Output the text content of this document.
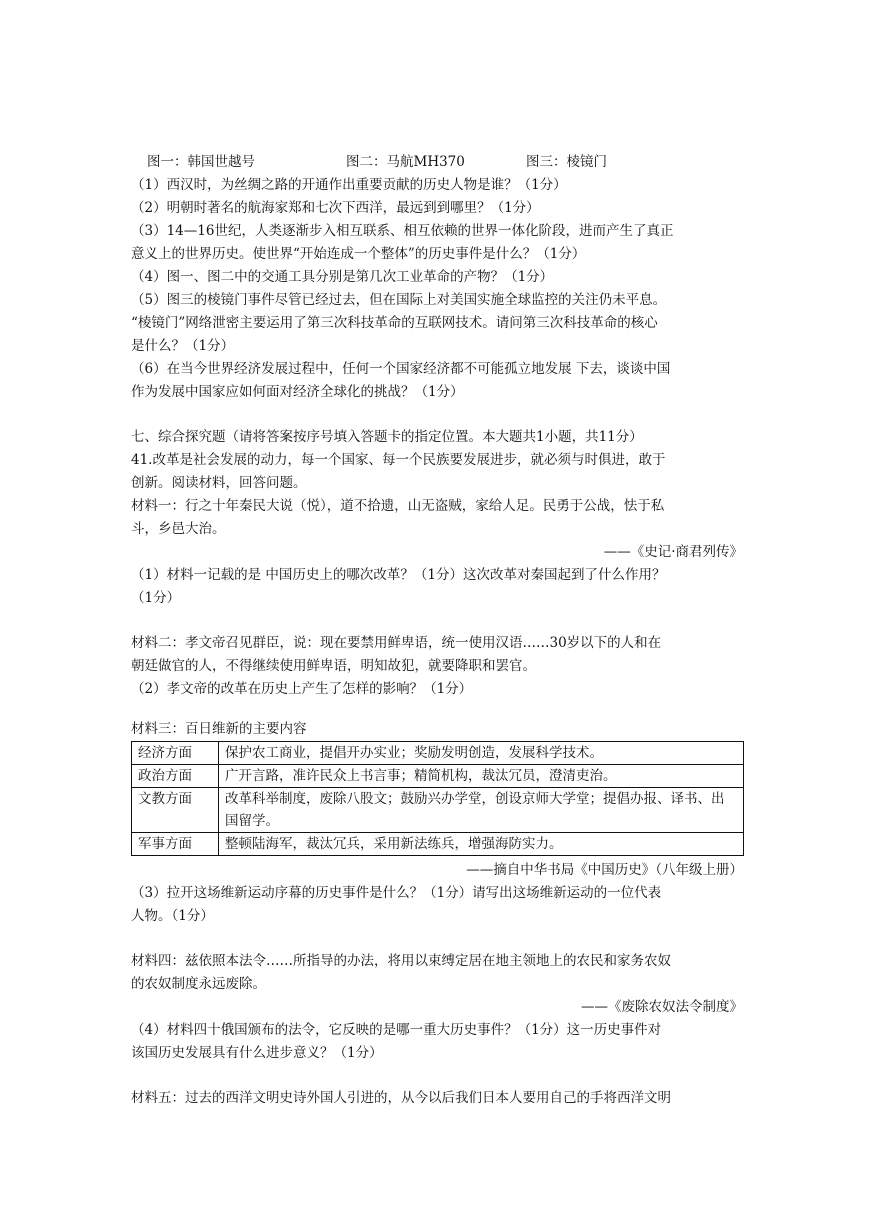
图一：韩国世越号	图二：马航MH370	图三：棱镜门
（1）西汉时，为丝绸之路的开通作出重要贡献的历史人物是谁？（1分）
（2）明朝时著名的航海家郑和七次下西洋，最远到到哪里？（1分）
（3）14—16世纪，人类逐渐步入相互联系、相互依赖的世界一体化阶段，进而产生了真正
意义上的世界历史。使世界“开始连成一个整体”的历史事件是什么？（1分）
（4）图一、图二中的交通工具分别是第几次工业革命的产物？（1分）
（5）图三的棱镜门事件尽管已经过去，但在国际上对美国实施全球监控的关注仍未平息。
“棱镜门”网络泄密主要运用了第三次科技革命的互联网技术。请问第三次科技革命的核心
是什么？（1分）
（6）在当今世界经济发展过程中，任何一个国家经济都不可能孤立地发展 下去，谈谈中国
作为发展中国家应如何面对经济全球化的挑战？（1分）
七、综合探究题（请将答案按序号填入答题卡的指定位置。本大题共1小题，共11分）
41.改革是社会发展的动力，每一个国家、每一个民族要发展进步，就必须与时俱进，敢于
创新。阅读材料，回答问题。
材料一：行之十年秦民大说（悦），道不拾遗，山无盗贼，家给人足。民勇于公战，怯于私
斗，乡邑大治。
——《史记·商君列传》
（1）材料一记载的是 中国历史上的哪次改革？（1分）这次改革对秦国起到了什么作用？
（1分）
材料二：孝文帝召见群臣，说：现在要禁用鲜卑语，统一使用汉语……30岁以下的人和在
朝廷做官的人，不得继续使用鲜卑语，明知故犯，就要降职和罢官。
（2）孝文帝的改革在历史上产生了怎样的影响？（1分）
材料三：百日维新的主要内容
经济方面	保护农工商业，提倡开办实业；奖励发明创造，发展科学技术。
政治方面	广开言路，准许民众上书言事；精简机构，裁汰冗员，澄清吏治。
文教方面	改革科举制度，废除八股文；鼓励兴办学堂，创设京师大学堂；提倡办报、译书、出国留学。
军事方面	整顿陆海军，裁汰冗兵，采用新法练兵，增强海防实力。
——摘自中华书局《中国历史》（八年级上册）
（3）拉开这场维新运动序幕的历史事件是什么？（1分）请写出这场维新运动的一位代表
人物。（1分）
材料四：兹依照本法令……所指导的办法，将用以束缚定居在地主领地上的农民和家务农奴
的农奴制度永远废除。
——《废除农奴法令制度》
（4）材料四十俄国颁布的法令，它反映的是哪一重大历史事件？（1分）这一历史事件对
该国历史发展具有什么进步意义？（1分）
材料五：过去的西洋文明史诗外国人引进的，从今以后我们日本人要用自己的手将西洋文明
